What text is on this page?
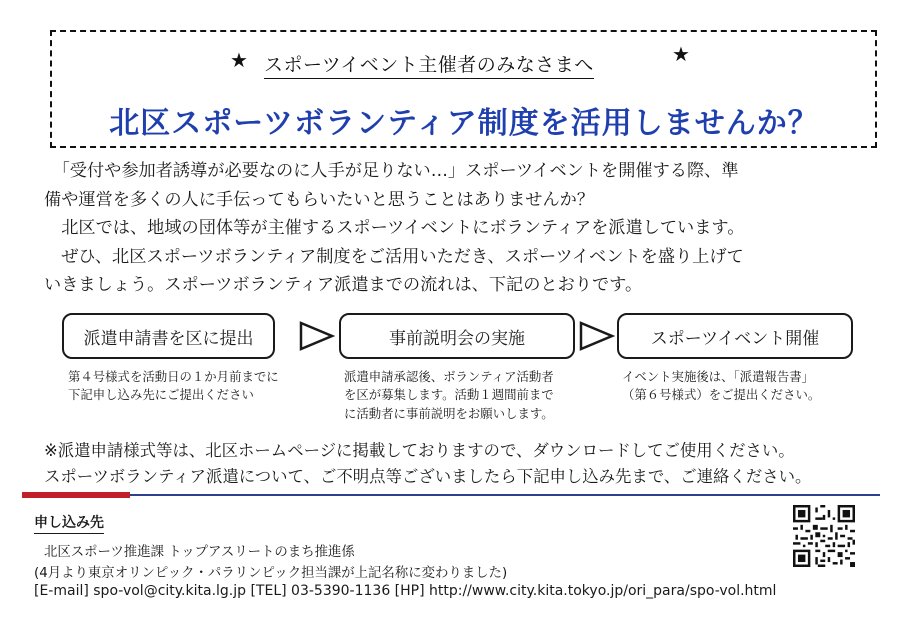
★ スポーツイベント主催者のみなさまへ	★
北区スポーツボランティア制度を活用しませんか？

　「受付や参加者誘導が必要なのに人手が足りない…」スポーツイベントを開催する際、準

備や運営を多くの人に手伝ってもらいたいと思うことはありませんか？

　北区では、地域の団体等が主催するスポーツイベントにボランティアを派遣しています。

　ぜひ、北区スポーツボランティア制度をご活用いただき、スポーツイベントを盛り上げて

いきましょう。スポーツボランティア派遣までの流れは、下記のとおりです。

派遣申請書を区に提出	事前説明会の実施	スポーツイベント開催
第４号様式を活動日の１か月前までに
下記申し込み先にご提出ください
派遣申請承認後、ボランティア活動者
を区が募集します。活動１週間前まで
に活動者に事前説明をお願いします。
イベント実施後は、「派遣報告書」
（第６号様式）をご提出ください。
※派遣申請様式等は、北区ホームページに掲載しておりますので、ダウンロードしてご使用ください。
スポーツボランティア派遣について、ご不明点等ございましたら下記申し込み先まで、ご連絡ください。
申し込み先
北区スポーツ推進課 トップアスリートのまち推進係
(4月より東京オリンピック・パラリンピック担当課が上記名称に変わりました)
[E-mail] spo-vol@city.kita.lg.jp [TEL] 03-5390-1136 [HP] http://www.city.kita.tokyo.jp/ori_para/spo-vol.html
